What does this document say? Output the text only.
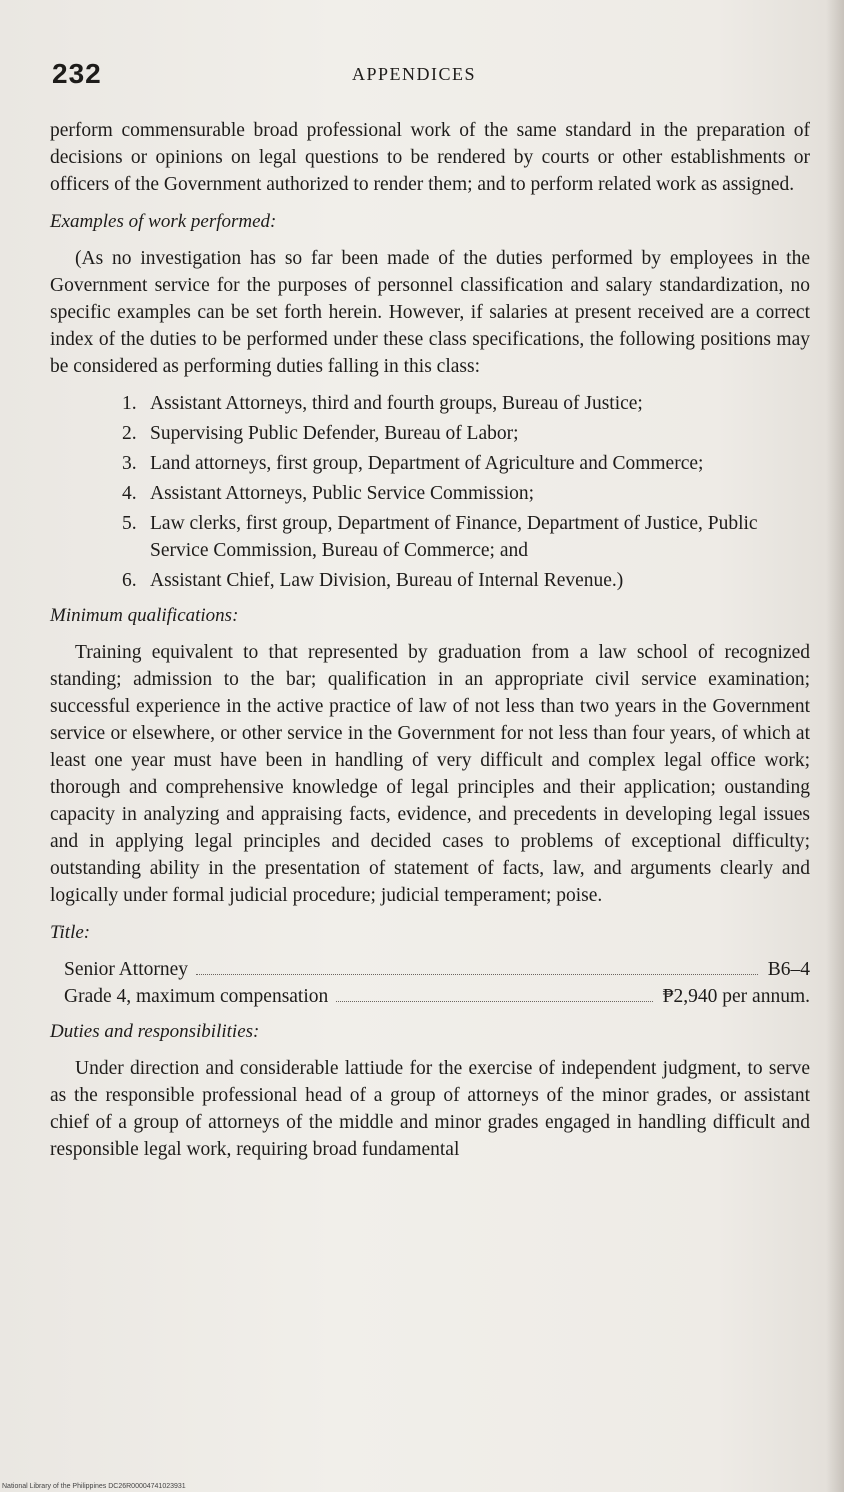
232	APPENDICES

perform commensurable broad professional work of the same standard in the preparation of decisions or opinions on legal questions to be rendered by courts or other establishments or officers of the Government authorized to render them; and to perform related work as assigned.

Examples of work performed:

(As no investigation has so far been made of the duties performed by employees in the Government service for the purposes of personnel classification and salary standardization, no specific examples can be set forth herein. However, if salaries at present received are a correct index of the duties to be performed under these class specifications, the following positions may be considered as performing duties falling in this class:

1. Assistant Attorneys, third and fourth groups, Bureau of Justice;
2. Supervising Public Defender, Bureau of Labor;
3. Land attorneys, first group, Department of Agriculture and Commerce;
4. Assistant Attorneys, Public Service Commission;
5. Law clerks, first group, Department of Finance, Department of Justice, Public Service Commission, Bureau of Commerce; and
6. Assistant Chief, Law Division, Bureau of Internal Revenue.)
Minimum qualifications:

Training equivalent to that represented by graduation from a law school of recognized standing; admission to the bar; qualification in an appropriate civil service examination; successful experience in the active practice of law of not less than two years in the Government service or elsewhere, or other service in the Government for not less than four years, of which at least one year must have been in handling of very difficult and complex legal office work; thorough and comprehensive knowledge of legal principles and their application; oustanding capacity in analyzing and appraising facts, evidence, and precedents in developing legal issues and in applying legal principles and decided cases to problems of exceptional difficulty; outstanding ability in the presentation of statement of facts, law, and arguments clearly and logically under formal judicial procedure; judicial temperament; poise.

Title:
Senior Attorney	B6–4
Grade 4, maximum compensation	₱2,940 per annum.
Duties and responsibilities:

Under direction and considerable lattiude for the exercise of independent judgment, to serve as the responsible professional head of a group of attorneys of the minor grades, or assistant chief of a group of attorneys of the middle and minor grades engaged in handling difficult and responsible legal work, requiring broad fundamental

National Library of the Philippines DC26R00004741023931
